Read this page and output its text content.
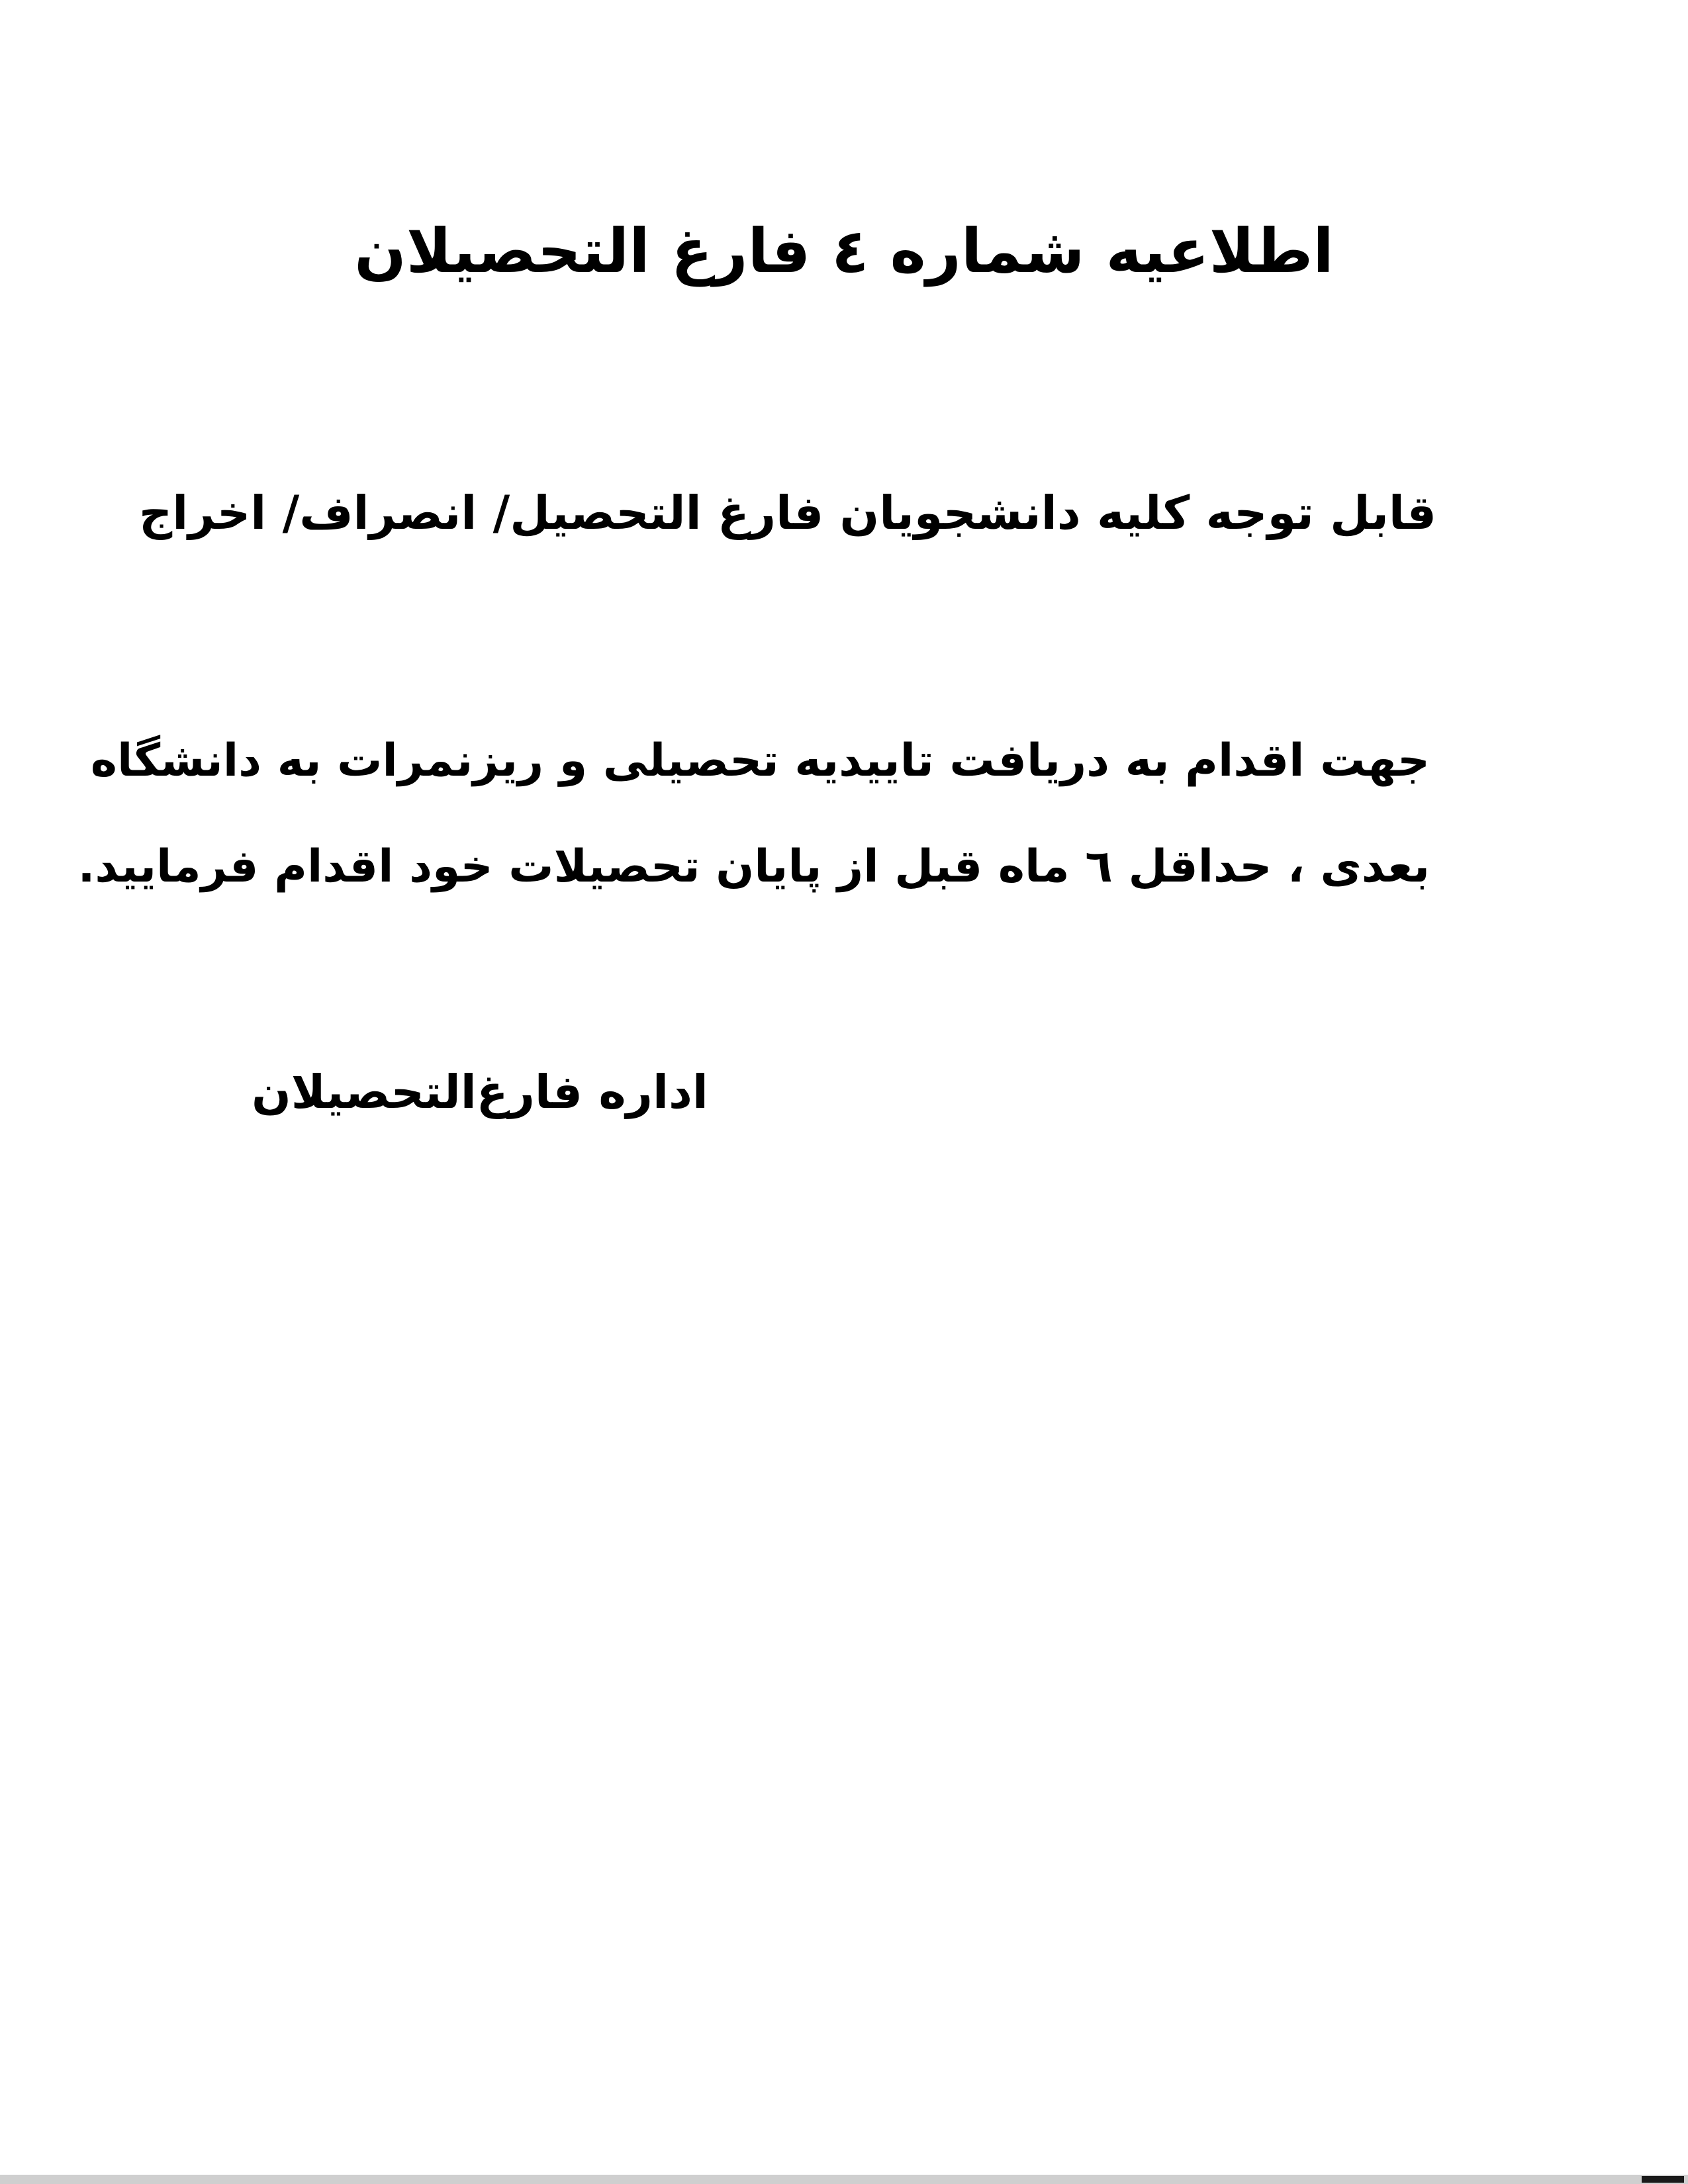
اطلاعیه شماره ٤ فارغ التحصیلان
قابل توجه کلیه دانشجویان فارغ التحصیل/ انصراف/ اخراج
جهت اقدام به دریافت تاییدیه تحصیلی و ریزنمرات به دانشگاه
بعدی ، حداقل ٦ ماه قبل از پایان تحصیلات خود اقدام فرمایید.
اداره فارغ‌التحصیلان
